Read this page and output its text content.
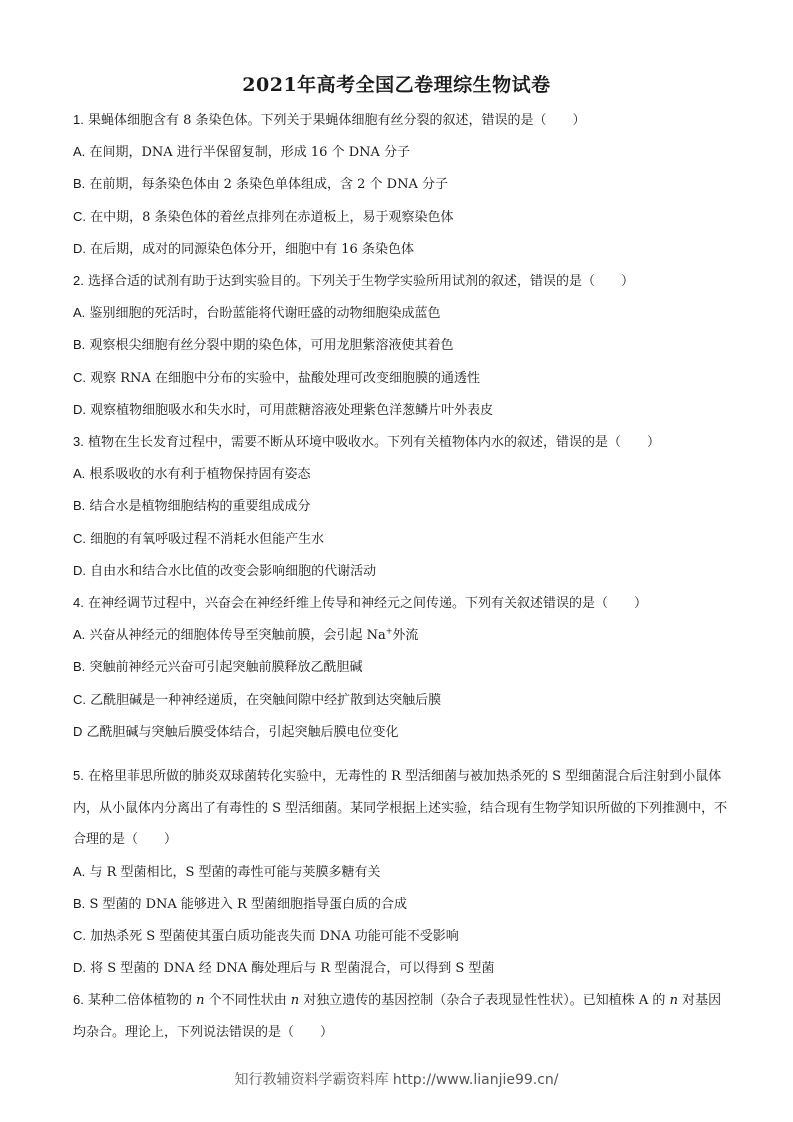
2021年高考全国乙卷理综生物试卷
1. 果蝇体细胞含有 8 条染色体。下列关于果蝇体细胞有丝分裂的叙述，错误的是（　　）
A. 在间期，DNA 进行半保留复制，形成 16 个 DNA 分子
B. 在前期，每条染色体由 2 条染色单体组成，含 2 个 DNA 分子
C. 在中期，8 条染色体的着丝点排列在赤道板上，易于观察染色体
D. 在后期，成对的同源染色体分开，细胞中有 16 条染色体
2. 选择合适的试剂有助于达到实验目的。下列关于生物学实验所用试剂的叙述，错误的是（　　）
A. 鉴别细胞的死活时，台盼蓝能将代谢旺盛的动物细胞染成蓝色
B. 观察根尖细胞有丝分裂中期的染色体，可用龙胆紫溶液使其着色
C. 观察 RNA 在细胞中分布的实验中，盐酸处理可改变细胞膜的通透性
D. 观察植物细胞吸水和失水时，可用蔗糖溶液处理紫色洋葱鳞片叶外表皮
3. 植物在生长发育过程中，需要不断从环境中吸收水。下列有关植物体内水的叙述，错误的是（　　）
A. 根系吸收的水有利于植物保持固有姿态
B. 结合水是植物细胞结构的重要组成成分
C. 细胞的有氧呼吸过程不消耗水但能产生水
D. 自由水和结合水比值的改变会影响细胞的代谢活动
4. 在神经调节过程中，兴奋会在神经纤维上传导和神经元之间传递。下列有关叙述错误的是（　　）
A. 兴奋从神经元的细胞体传导至突触前膜，会引起 Na+外流
B. 突触前神经元兴奋可引起突触前膜释放乙酰胆碱
C. 乙酰胆碱是一种神经递质，在突触间隙中经扩散到达突触后膜
D 乙酰胆碱与突触后膜受体结合，引起突触后膜电位变化
5. 在格里菲思所做的肺炎双球菌转化实验中，无毒性的 R 型活细菌与被加热杀死的 S 型细菌混合后注射到小鼠体内，从小鼠体内分离出了有毒性的 S 型活细菌。某同学根据上述实验，结合现有生物学知识所做的下列推测中，不合理的是（　　）
A. 与 R 型菌相比，S 型菌的毒性可能与荚膜多糖有关
B. S 型菌的 DNA 能够进入 R 型菌细胞指导蛋白质的合成
C. 加热杀死 S 型菌使其蛋白质功能丧失而 DNA 功能可能不受影响
D. 将 S 型菌的 DNA 经 DNA 酶处理后与 R 型菌混合，可以得到 S 型菌
6. 某种二倍体植物的 n 个不同性状由 n 对独立遗传的基因控制（杂合子表现显性性状）。已知植株 A 的 n 对基因均杂合。理论上，下列说法错误的是（　　）
知行教辅资料学霸资料库 http://www.lianjie99.cn/
